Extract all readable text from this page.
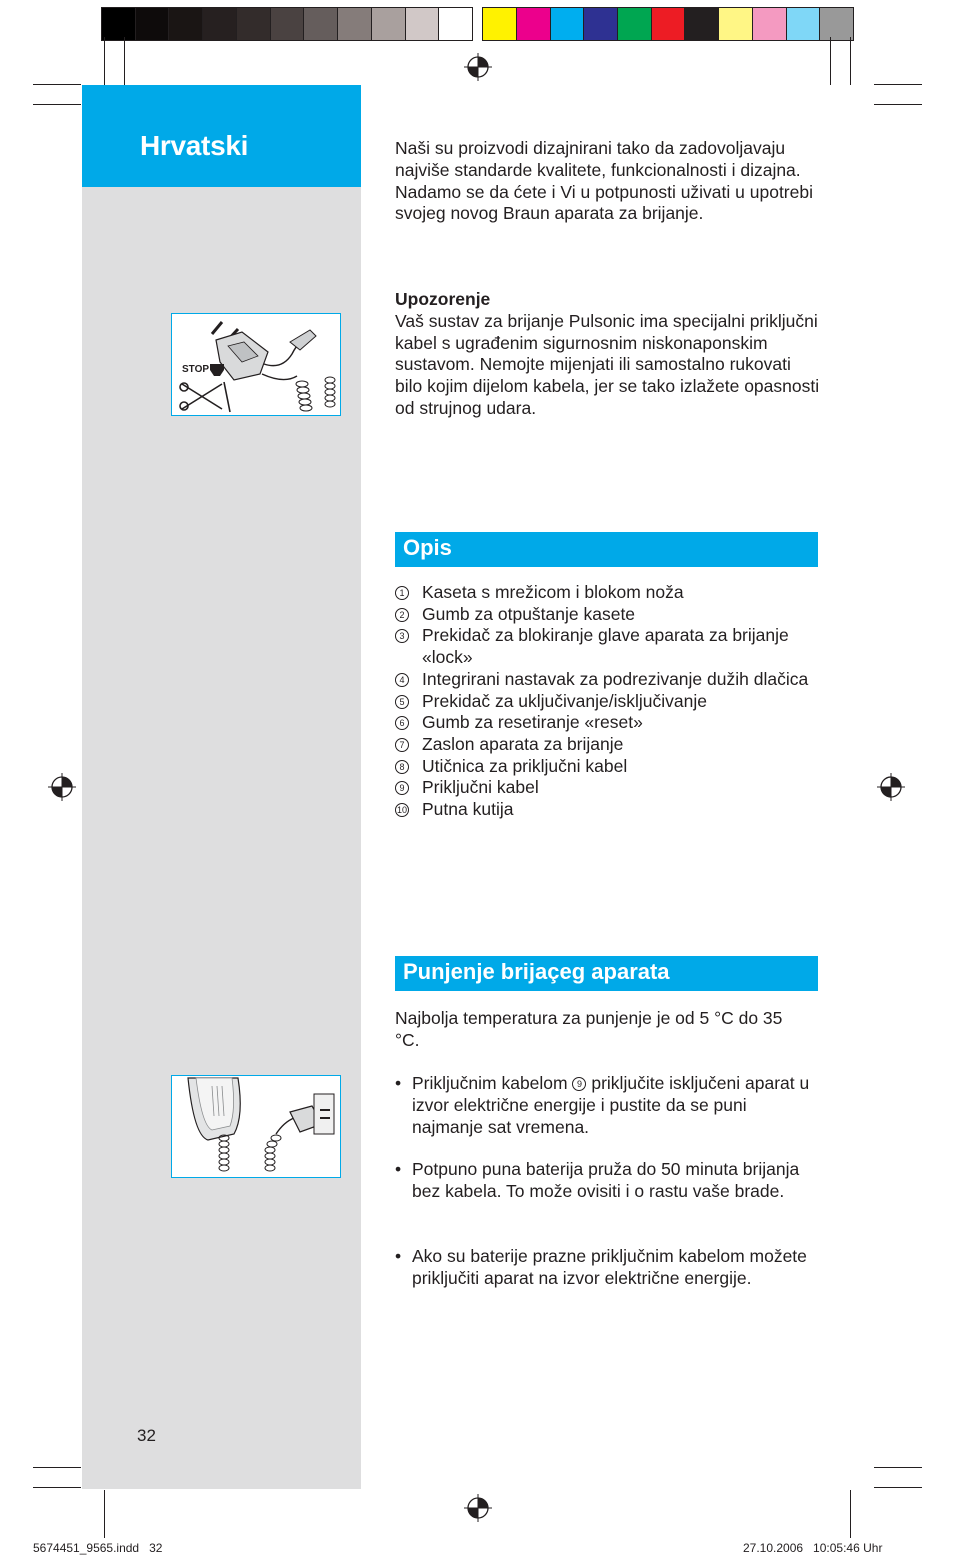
Hrvatski
STOP
32
Naši su proizvodi dizajnirani tako da zadovoljavaju najviše standarde kvalitete, funkcionalnosti i dizajna. Nadamo se da ćete i Vi u potpunosti uživati u upotrebi svojeg novog Braun aparata za brijanje.
Upozorenje
Vaš sustav za brijanje Pulsonic ima specijalni priključni kabel s ugrađenim sigurnosnim niskonaponskim sustavom. Nemojte mijenjati ili samostalno rukovati bilo kojim dijelom kabela, jer se tako izlažete opasnosti od strujnog udara.
Opis
1 Kaseta s mrežicom i blokom noža
2 Gumb za otpuštanje kasete
3 Prekidač za blokiranje glave aparata za brijanje «lock»
4 Integrirani nastavak za podrezivanje dužih dlačica
5 Prekidač za uključivanje/isključivanje
6 Gumb za resetiranje «reset»
7 Zaslon aparata za brijanje
8 Utičnica za priključni kabel
9 Priključni kabel
10 Putna kutija
Punjenje brijaçeg aparata
Najbolja temperatura za punjenje je od 5 °C do 35 °C.
• Priključnim kabelom 9 priključite isključeni aparat u izvor električne energije i pustite da se puni najmanje sat vremena.
• Potpuno puna baterija pruža do 50 minuta brijanja bez kabela. To može ovisiti i o rastu vaše brade.
• Ako su baterije prazne priključnim kabelom možete priključiti aparat na izvor električne energije.
5674451_9565.indd   32	27.10.2006   10:05:46 Uhr
